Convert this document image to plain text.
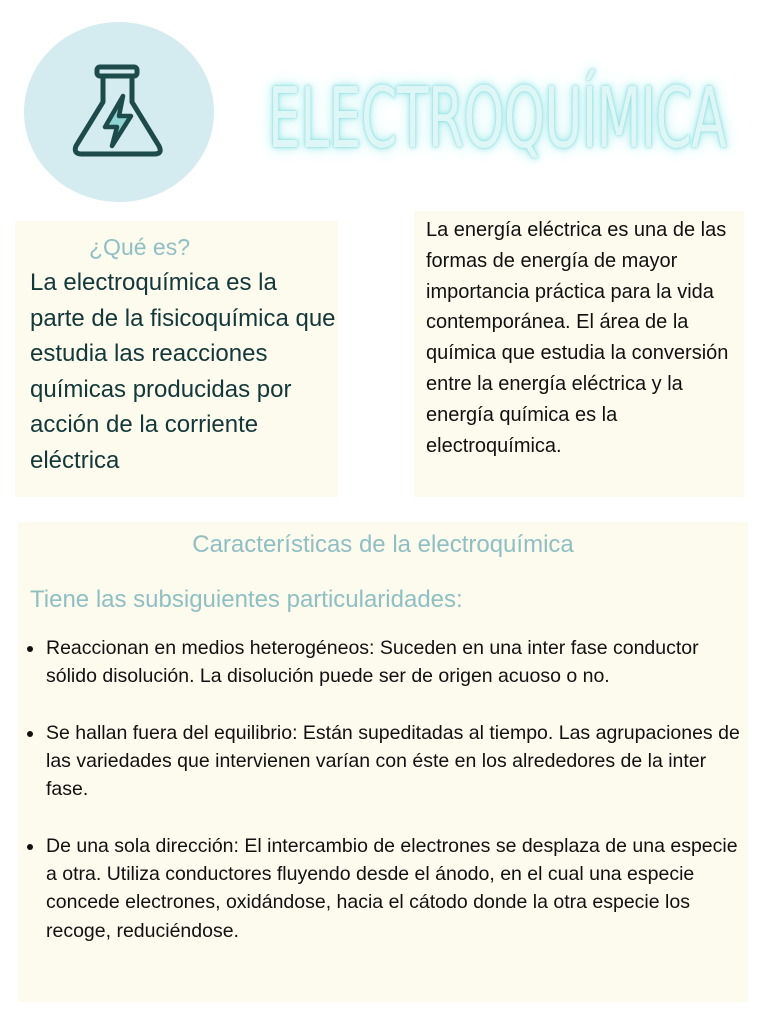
ELECTROQUÍMICA
¿Qué es?

La electroquímica es la parte de la fisicoquímica que estudia las reacciones químicas producidas por acción de la corriente eléctrica

La energía eléctrica es una de las formas de energía de mayor importancia práctica para la vida contemporánea. El área de la química que estudia la conversión entre la energía eléctrica y la energía química es la electroquímica.

Características de la electroquímica
Tiene las subsiguientes particularidades:
Reaccionan en medios heterogéneos: Suceden en una inter fase conductor sólido disolución. La disolución puede ser de origen acuoso o no.
Se hallan fuera del equilibrio: Están supeditadas al tiempo. Las agrupaciones de las variedades que intervienen varían con éste en los alrededores de la inter fase.
De una sola dirección: El intercambio de electrones se desplaza de una especie a otra. Utiliza conductores fluyendo desde el ánodo, en el cual una especie concede electrones, oxidándose, hacia el cátodo donde la otra especie los recoge, reduciéndose.
